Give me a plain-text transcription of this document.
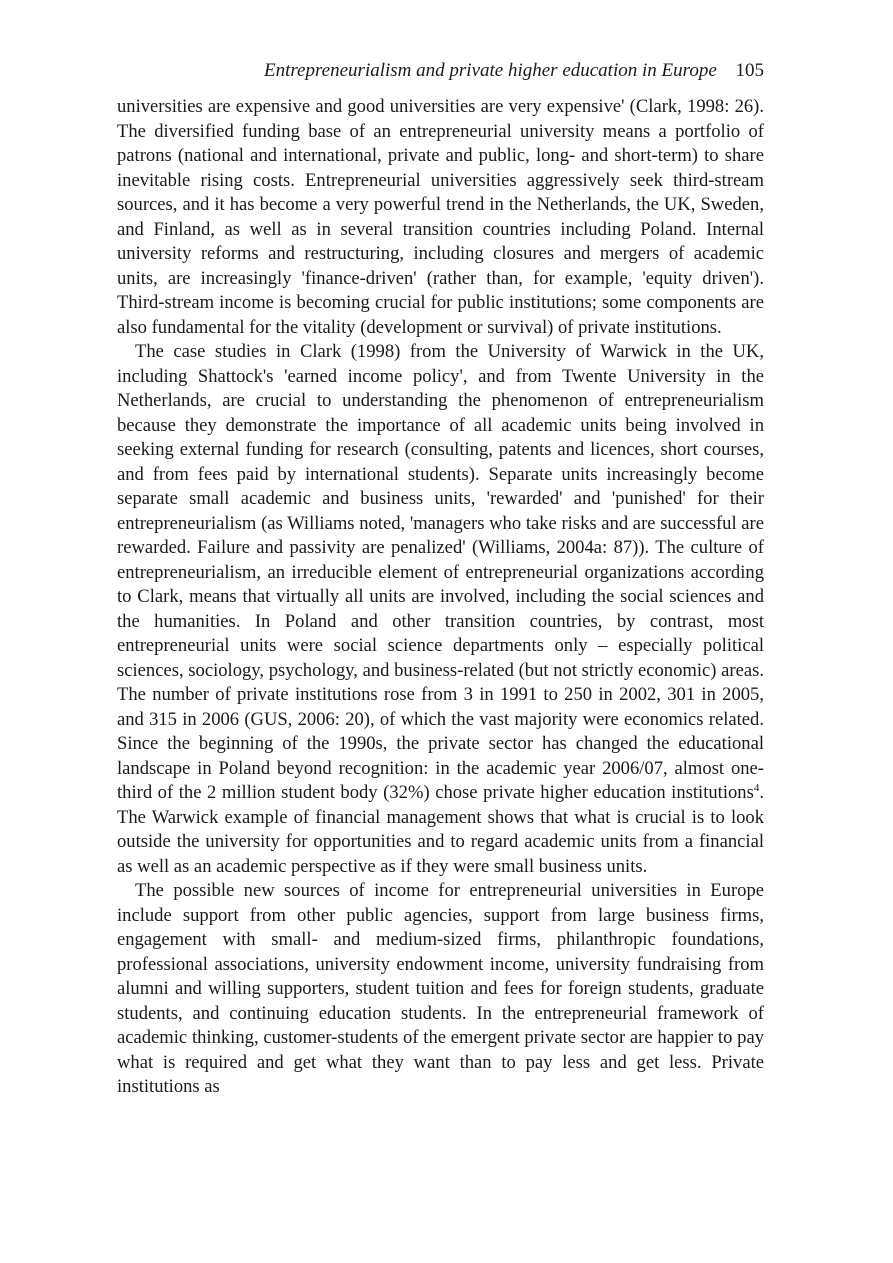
Entrepreneurialism and private higher education in Europe 105

universities are expensive and good universities are very expensive' (Clark, 1998: 26). The diversified funding base of an entrepreneurial university means a portfolio of patrons (national and international, private and public, long- and short-term) to share inevitable rising costs. Entrepreneurial universities aggressively seek third-stream sources, and it has become a very powerful trend in the Netherlands, the UK, Sweden, and Finland, as well as in several transition countries including Poland. Internal university reforms and restructuring, including closures and mergers of academic units, are increasingly 'finance-driven' (rather than, for example, 'equity driven'). Third-stream income is becoming crucial for public institutions; some components are also fundamental for the vitality (development or survival) of private institutions.

The case studies in Clark (1998) from the University of Warwick in the UK, including Shattock's 'earned income policy', and from Twente University in the Netherlands, are crucial to understanding the phenomenon of entrepreneurialism because they demonstrate the importance of all academic units being involved in seeking external funding for research (consulting, patents and licences, short courses, and from fees paid by international students). Separate units increasingly become separate small academic and business units, 'rewarded' and 'punished' for their entrepreneurialism (as Williams noted, 'managers who take risks and are successful are rewarded. Failure and passivity are penalized' (Williams, 2004a: 87)). The culture of entrepreneurialism, an irreducible element of entrepreneurial organizations according to Clark, means that virtually all units are involved, including the social sciences and the humanities. In Poland and other transition countries, by contrast, most entrepreneurial units were social science departments only – especially political sciences, sociology, psychology, and business-related (but not strictly economic) areas. The number of private institutions rose from 3 in 1991 to 250 in 2002, 301 in 2005, and 315 in 2006 (GUS, 2006: 20), of which the vast majority were economics related. Since the beginning of the 1990s, the private sector has changed the educational landscape in Poland beyond recognition: in the academic year 2006/07, almost one-third of the 2 million student body (32%) chose private higher education institutions$^4$. The Warwick example of financial management shows that what is crucial is to look outside the university for opportunities and to regard academic units from a financial as well as an academic perspective as if they were small business units.

The possible new sources of income for entrepreneurial universities in Europe include support from other public agencies, support from large business firms, engagement with small- and medium-sized firms, philanthropic foundations, professional associations, university endowment income, university fundraising from alumni and willing supporters, student tuition and fees for foreign students, graduate students, and continuing education students. In the entrepreneurial framework of academic thinking, customer-students of the emergent private sector are happier to pay what is required and get what they want than to pay less and get less. Private institutions as
